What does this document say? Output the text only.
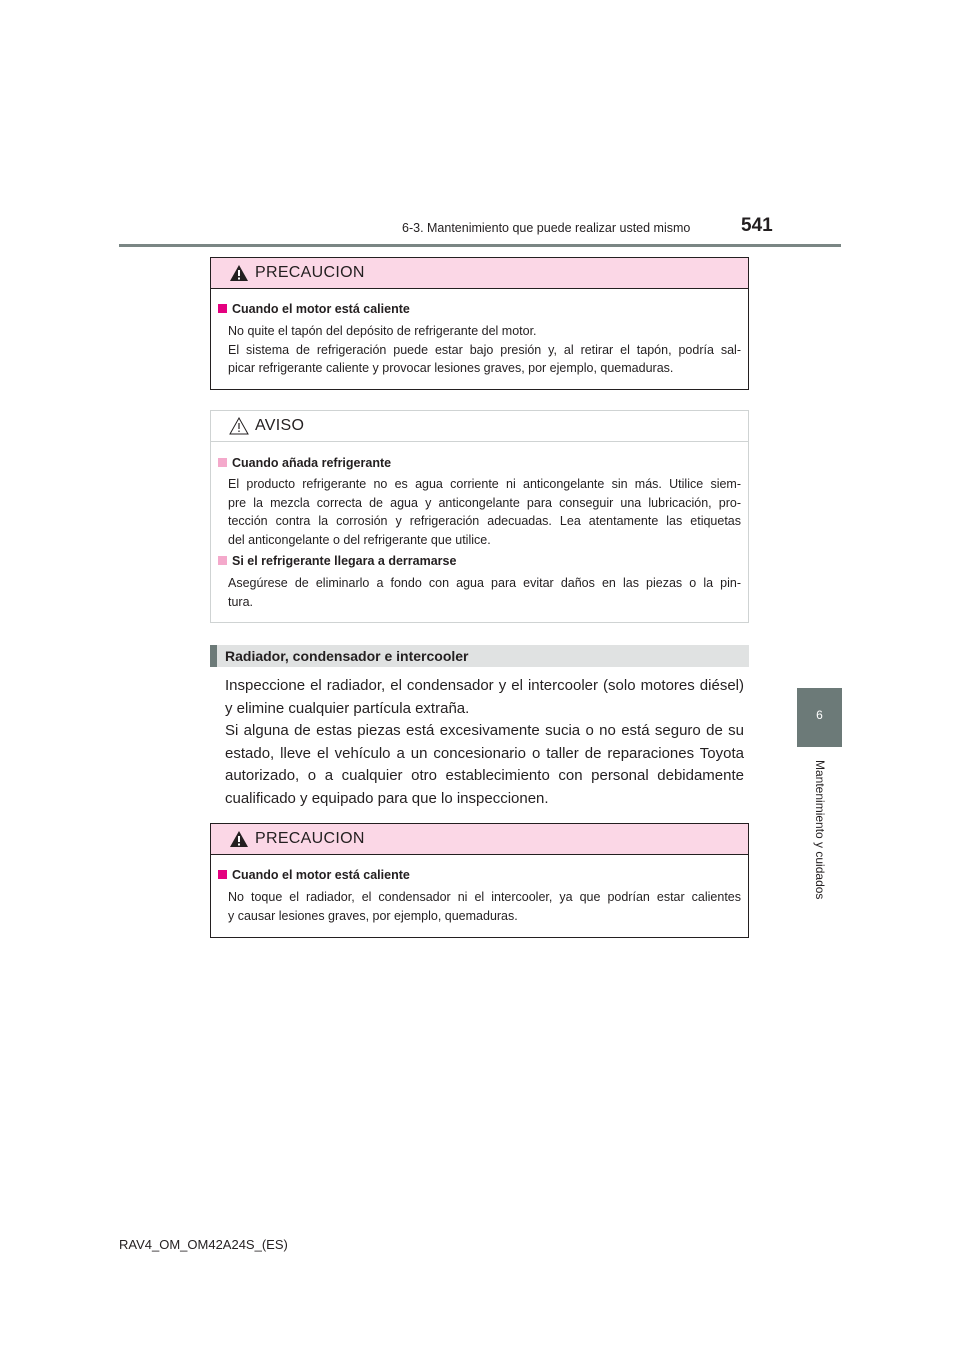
6-3. Mantenimiento que puede realizar usted mismo	541
6
Mantenimiento y cuidados
PRECAUCION
Cuando el motor está caliente
No quite el tapón del depósito de refrigerante del motor.
El sistema de refrigeración puede estar bajo presión y, al retirar el tapón, podría sal-
picar refrigerante caliente y provocar lesiones graves, por ejemplo, quemaduras.
AVISO
Cuando añada refrigerante
El producto refrigerante no es agua corriente ni anticongelante sin más. Utilice siem-
pre la mezcla correcta de agua y anticongelante para conseguir una lubricación, pro-
tección contra la corrosión y refrigeración adecuadas. Lea atentamente las etiquetas
del anticongelante o del refrigerante que utilice.
Si el refrigerante llegara a derramarse
Asegúrese de eliminarlo a fondo con agua para evitar daños en las piezas o la pin-
tura.
Radiador, condensador e intercooler
Inspeccione el radiador, el condensador y el intercooler (solo motores diésel)
y elimine cualquier partícula extraña.
Si alguna de estas piezas está excesivamente sucia o no está seguro de su
estado, lleve el vehículo a un concesionario o taller de reparaciones Toyota
autorizado, o a cualquier otro establecimiento con personal debidamente
cualificado y equipado para que lo inspeccionen.
PRECAUCION
Cuando el motor está caliente
No toque el radiador, el condensador ni el intercooler, ya que podrían estar calientes
y causar lesiones graves, por ejemplo, quemaduras.
RAV4_OM_OM42A24S_(ES)
